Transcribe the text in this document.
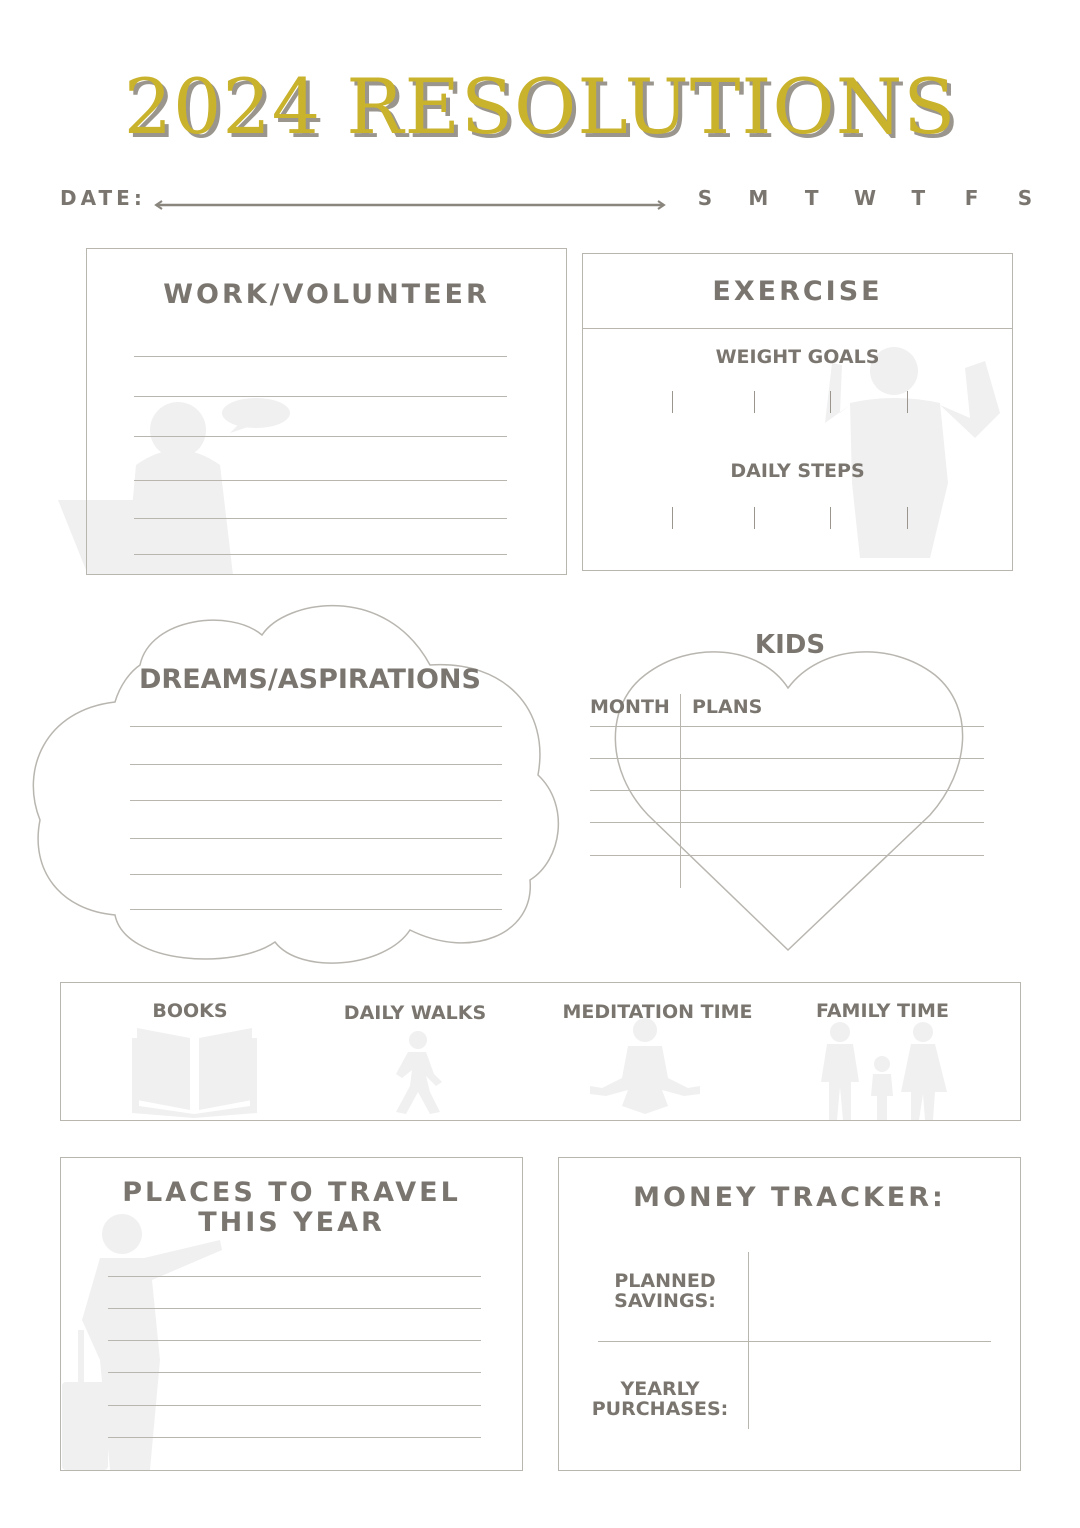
2024 RESOLUTIONS
DATE:	S	M	T	W	T	F	S
WORK/VOLUNTEER	EXERCISE
WEIGHT GOALS
DAILY STEPS
DREAMS/ASPIRATIONS
KIDS
MONTH PLANS
BOOKS	DAILY WALKS	MEDITATION TIME	FAMILY TIME
PLACES TO TRAVEL
THIS YEAR
MONEY TRACKER:
PLANNED
SAVINGS:
YEARLY
PURCHASES:
